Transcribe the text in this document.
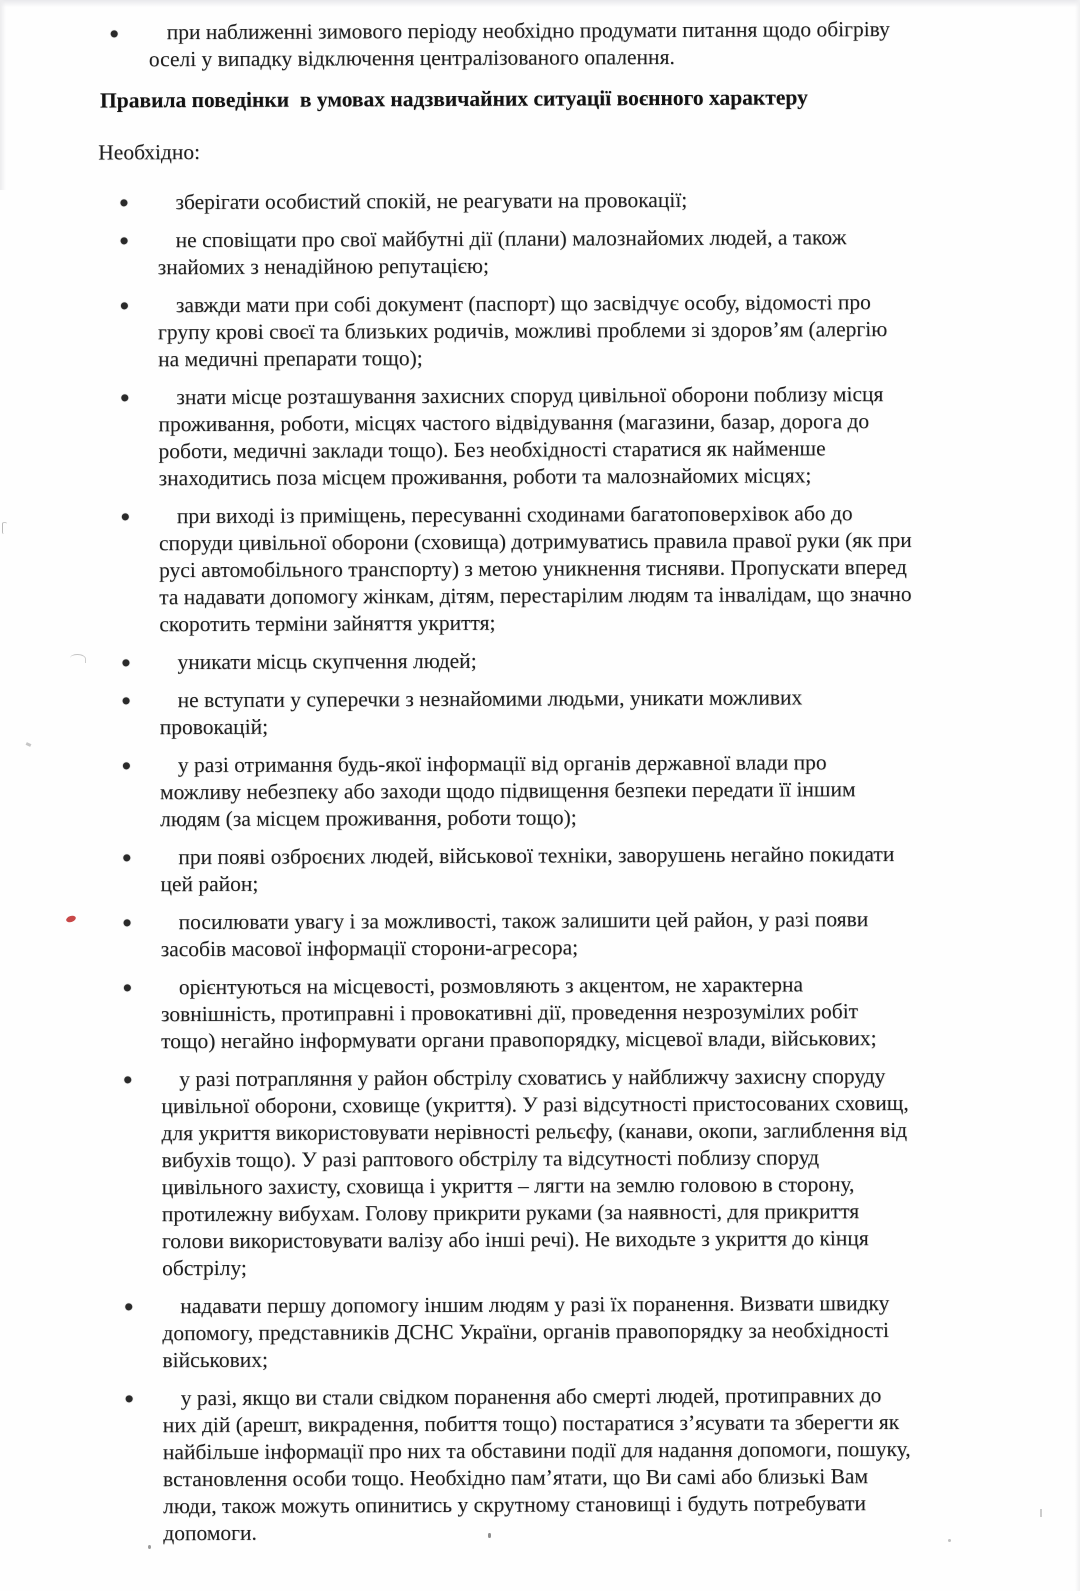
при наближенні зимового періоду необхідно продумати питання щодо обігріву
оселі у випадку відключення централізованого опалення.
Правила поведінки  в умовах надзвичайних ситуації воєнного характеру
Необхідно:
зберігати особистий спокій, не реагувати на провокації;
не сповіщати про свої майбутні дії (плани) малознайомих людей, а також
знайомих з ненадійною репутацією;
завжди мати при собі документ (паспорт) що засвідчує особу, відомості про
групу крові своєї та близьких родичів, можливі проблеми зі здоров’ям (алергію
на медичні препарати тощо);
знати місце розташування захисних споруд цивільної оборони поблизу місця
проживання, роботи, місцях частого відвідування (магазини, базар, дорога до
роботи, медичні заклади тощо). Без необхідності старатися як найменше
знаходитись поза місцем проживання, роботи та малознайомих місцях;
при виході із приміщень, пересуванні сходинами багатоповерхівок або до
споруди цивільної оборони (сховища) дотримуватись правила правої руки (як при
русі автомобільного транспорту) з метою уникнення тисняви. Пропускати вперед
та надавати допомогу жінкам, дітям, перестарілим людям та інвалідам, що значно
скоротить терміни зайняття укриття;
уникати місць скупчення людей;
не вступати у суперечки з незнайомими людьми, уникати можливих
провокацій;
у разі отримання будь-якої інформації від органів державної влади про
можливу небезпеку або заходи щодо підвищення безпеки передати її іншим
людям (за місцем проживання, роботи тощо);
при появі озброєних людей, військової техніки, заворушень негайно покидати
цей район;
посилювати увагу і за можливості, також залишити цей район, у разі появи
засобів масової інформації сторони-агресора;
орієнтуються на місцевості, розмовляють з акцентом, не характерна
зовнішність, протиправні і провокативні дії, проведення незрозумілих робіт
тощо) негайно інформувати органи правопорядку, місцевої влади, військових;
у разі потрапляння у район обстрілу сховатись у найближчу захисну споруду
цивільної оборони, сховище (укриття). У разі відсутності пристосованих сховищ,
для укриття використовувати нерівності рельєфу, (канави, окопи, заглиблення від
вибухів тощо). У разі раптового обстрілу та відсутності поблизу споруд
цивільного захисту, сховища і укриття – лягти на землю головою в сторону,
протилежну вибухам. Голову прикрити руками (за наявності, для прикриття
голови використовувати валізу або інші речі). Не виходьте з укриття до кінця
обстрілу;
надавати першу допомогу іншим людям у разі їх поранення. Визвати швидку
допомогу, представників ДСНС України, органів правопорядку за необхідності
військових;
у разі, якщо ви стали свідком поранення або смерті людей, протиправних до
них дій (арешт, викрадення, побиття тощо) постаратися з’ясувати та зберегти як
найбільше інформації про них та обставини події для надання допомоги, пошуку,
встановлення особи тощо. Необхідно пам’ятати, що Ви самі або близькі Вам
люди, також можуть опинитись у скрутному становищі і будуть потребувати
допомоги.
